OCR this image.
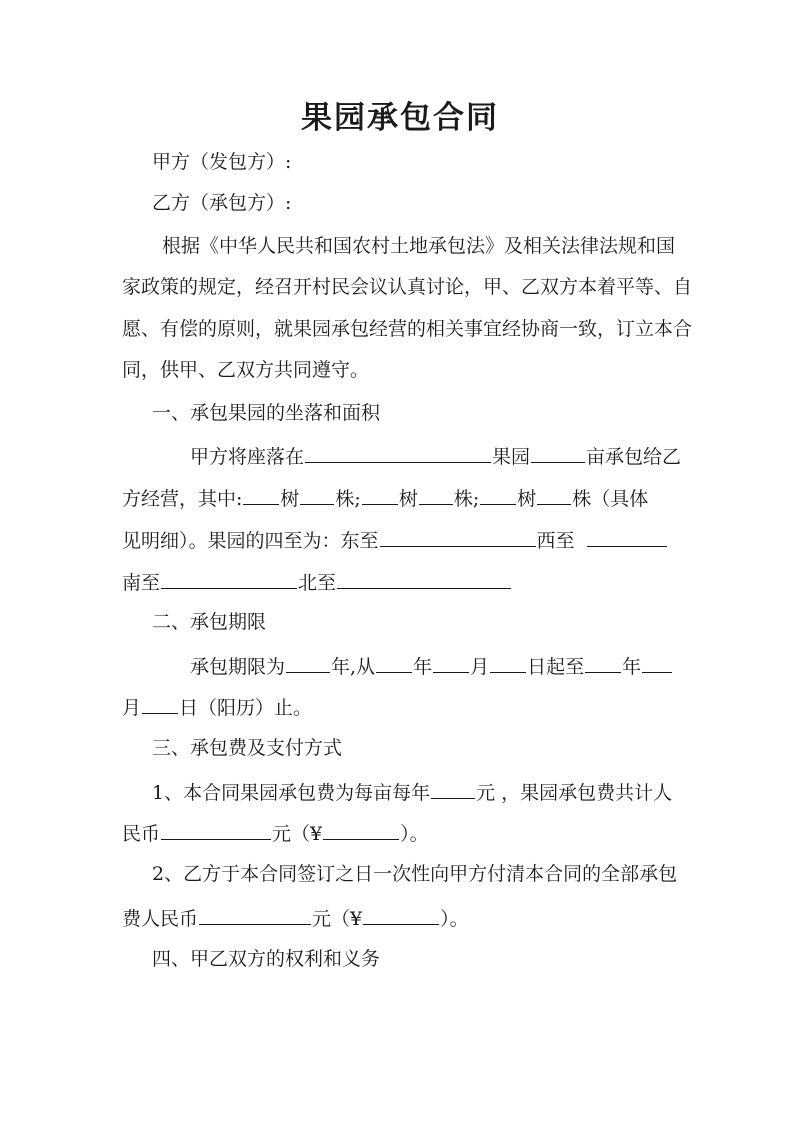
果园承包合同
甲方（发包方）:
乙方（承包方）:
根据《中华人民共和国农村土地承包法》及相关法律法规和国
家政策的规定，经召开村民会议认真讨论，甲、乙双方本着平等、自
愿、有偿的原则，就果园承包经营的相关事宜经协商一致，订立本合
同，供甲、乙双方共同遵守。
一、承包果园的坐落和面积
甲方将座落在	果园	亩承包给乙
方经营，其中: 树 株; 树 株; 树 株（具体
见明细）。果园的四至为：东至	西至
南至	北至
二、承包期限
承包期限为 年,从 年 月 日起至 年
月 日（阳历）止。
三、承包费及支付方式
1、本合同果园承包费为每亩每年 元 ，果园承包费共计人
民币	元（¥	）。
2、乙方于本合同签订之日一次性向甲方付清本合同的全部承包
费人民币	元（¥	）。
四、甲乙双方的权利和义务
